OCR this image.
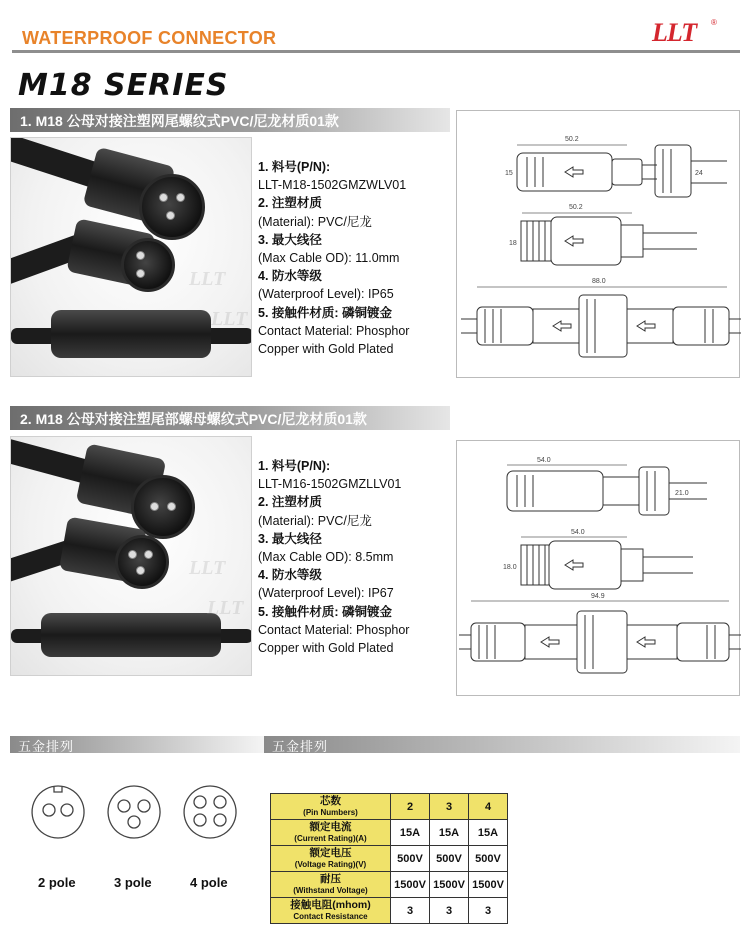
WATERPROOF CONNECTOR	LLT ®
M18 SERIES
1. M18 公母对接注塑网尾螺纹式PVC/尼龙材质01款
LLT
LLT
1. 料号(P/N):
LLT-M18-1502GMZWLV01
2. 注塑材质
(Material): PVC/尼龙
3. 最大线径
(Max Cable OD): 11.0mm
4. 防水等级
(Waterproof Level): IP65
5. 接触件材质: 磷铜镀金
Contact Material: Phosphor
Copper with Gold Plated
50.2
15	24
50.2
18
88.0
2. M18 公母对接注塑尾部螺母螺纹式PVC/尼龙材质01款
LLT
LLT
1. 料号(P/N):
LLT-M16-1502GMZLLV01
2. 注塑材质
(Material): PVC/尼龙
3. 最大线径
(Max Cable OD): 8.5mm
4. 防水等级
(Waterproof Level): IP67
5. 接触件材质: 磷铜镀金
Contact Material: Phosphor
Copper with Gold Plated
54.0
21.0
54.0
18.0
94.9
五金排列	五金排列
2 pole	3 pole	4 pole
芯数
(Pin Numbers)	2	3	4
额定电流
(Current Rating)(A)	15A	15A	15A
额定电压
(Voltage Rating)(V)	500V	500V	500V
耐压
(Withstand Voltage)	1500V	1500V	1500V
接触电阻(mhom)
Contact Resistance	3	3	3
